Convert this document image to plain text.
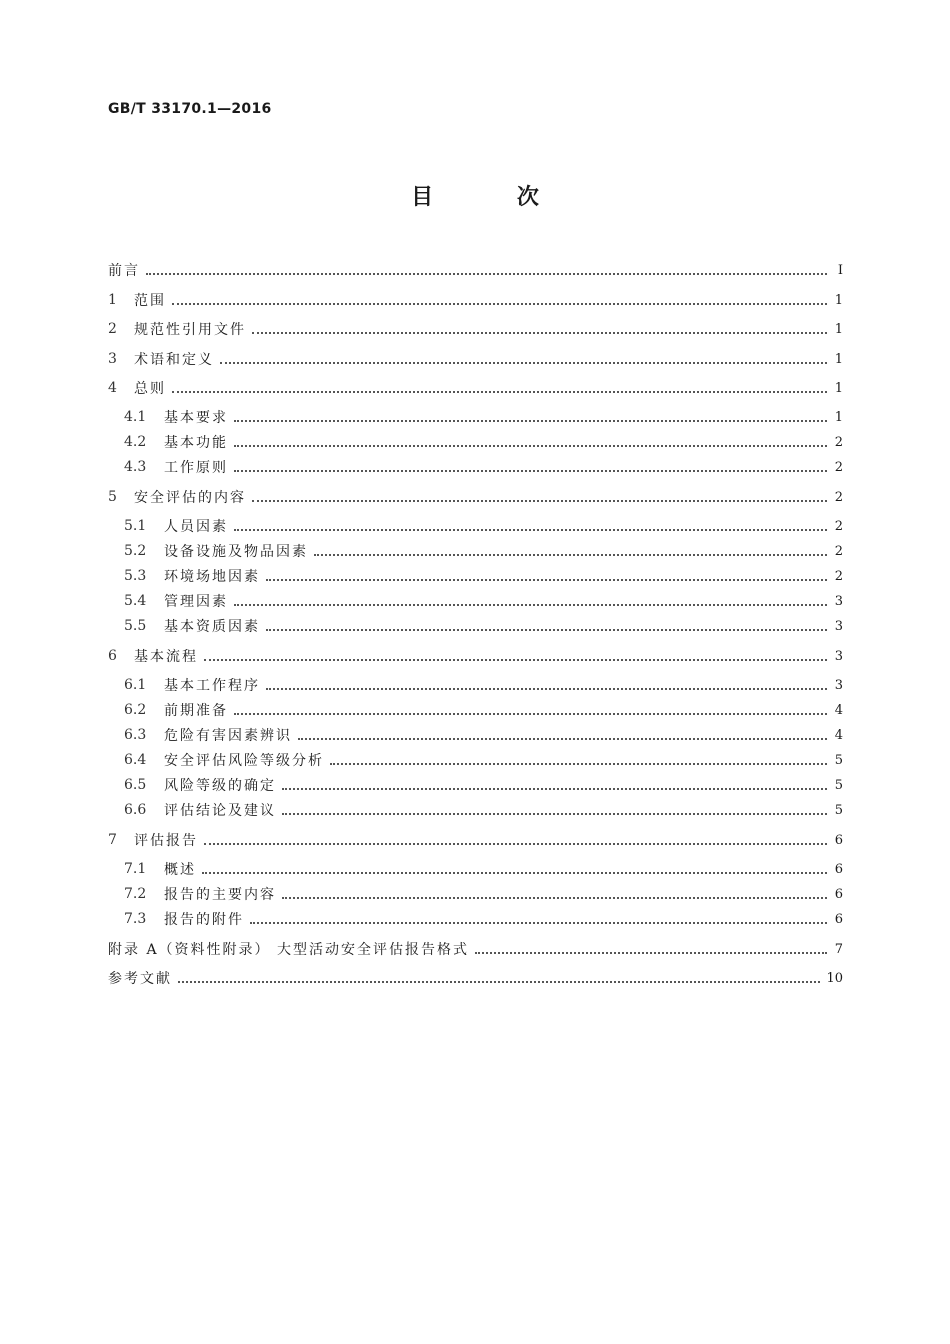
GB/T 33170.1—2016
目 次
前言	Ⅰ
1	范围	1
2	规范性引用文件	1
3	术语和定义	1
4	总则	1
4.1	基本要求	1
4.2	基本功能	2
4.3	工作原则	2
5	安全评估的内容	2
5.1	人员因素	2
5.2	设备设施及物品因素	2
5.3	环境场地因素	2
5.4	管理因素	3
5.5	基本资质因素	3
6	基本流程	3
6.1	基本工作程序	3
6.2	前期准备	4
6.3	危险有害因素辨识	4
6.4	安全评估风险等级分析	5
6.5	风险等级的确定	5
6.6	评估结论及建议	5
7	评估报告	6
7.1	概述	6
7.2	报告的主要内容	6
7.3	报告的附件	6
附录 A（资料性附录） 大型活动安全评估报告格式	7
参考文献	10
